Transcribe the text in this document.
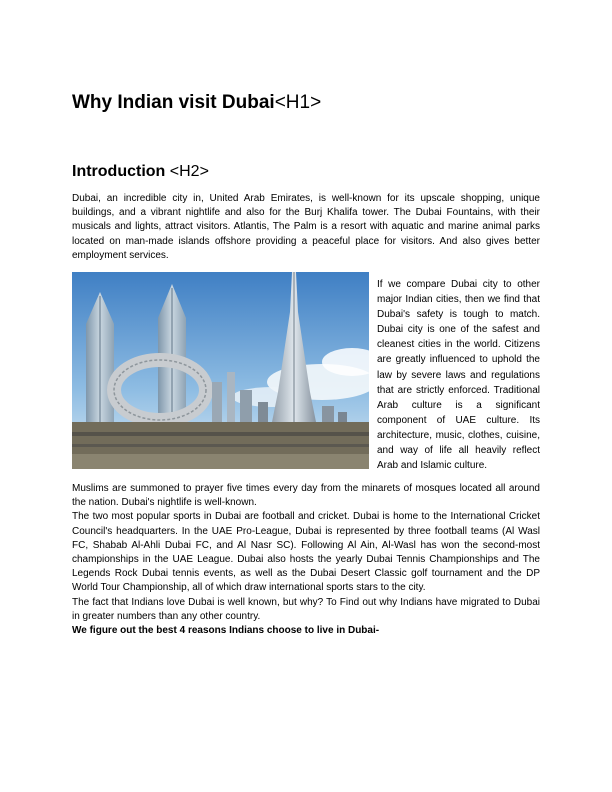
Why Indian visit Dubai<H1>
Introduction <H2>
Dubai, an incredible city in, United Arab Emirates, is well-known for its upscale shopping, unique buildings, and a vibrant nightlife and also for the Burj Khalifa tower. The Dubai Fountains, with their musicals and lights, attract visitors. Atlantis, The Palm is a resort with aquatic and marine animal parks located on man-made islands offshore providing a peaceful place for visitors. And also gives better employment services.
If we compare Dubai city to other major Indian cities, then we find that Dubai's safety is tough to match. Dubai city is one of the safest and cleanest cities in the world. Citizens are greatly influenced to uphold the law by severe laws and regulations that are strictly enforced. Traditional Arab culture is a significant component of UAE culture. Its architecture, music, clothes, cuisine, and way of life all heavily reflect Arab and Islamic culture.

Muslims are summoned to prayer five times every day from the minarets of mosques located all around the nation. Dubai's nightlife is well-known.

The two most popular sports in Dubai are football and cricket. Dubai is home to the International Cricket Council's headquarters. In the UAE Pro-League, Dubai is represented by three football teams (Al Wasl FC, Shabab Al-Ahli Dubai FC, and Al Nasr SC). Following Al Ain, Al-Wasl has won the second-most championships in the UAE League. Dubai also hosts the yearly Dubai Tennis Championships and The Legends Rock Dubai tennis events, as well as the Dubai Desert Classic golf tournament and the DP World Tour Championship, all of which draw international sports stars to the city.

The fact that Indians love Dubai is well known, but why? To Find out why Indians have migrated to Dubai in greater numbers than any other country.

We figure out the best 4 reasons Indians choose to live in Dubai-
